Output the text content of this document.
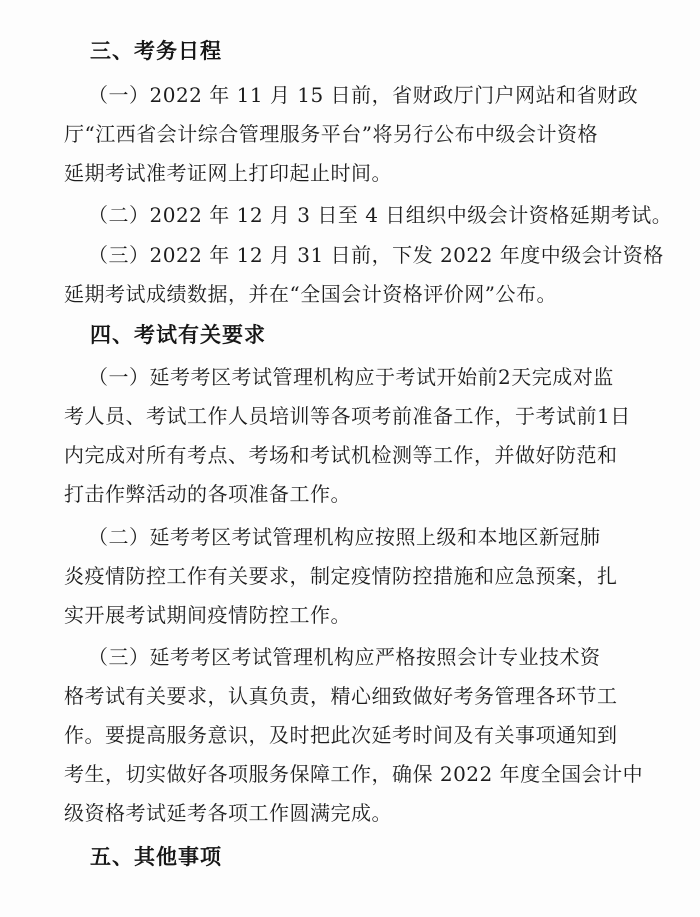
三、考务日程
（一）2022 年 11 月 15 日前，省财政厅门户网站和省财政
厅“江西省会计综合管理服务平台”将另行公布中级会计资格
延期考试准考证网上打印起止时间。
（二）2022 年 12 月 3 日至 4 日组织中级会计资格延期考试。
（三）2022 年 12 月 31 日前，下发 2022 年度中级会计资格
延期考试成绩数据，并在“全国会计资格评价网”公布。
四、考试有关要求
（一）延考考区考试管理机构应于考试开始前2天完成对监
考人员、考试工作人员培训等各项考前准备工作，于考试前1日
内完成对所有考点、考场和考试机检测等工作，并做好防范和
打击作弊活动的各项准备工作。
（二）延考考区考试管理机构应按照上级和本地区新冠肺
炎疫情防控工作有关要求，制定疫情防控措施和应急预案，扎
实开展考试期间疫情防控工作。
（三）延考考区考试管理机构应严格按照会计专业技术资
格考试有关要求，认真负责，精心细致做好考务管理各环节工
作。要提高服务意识，及时把此次延考时间及有关事项通知到
考生，切实做好各项服务保障工作，确保 2022 年度全国会计中
级资格考试延考各项工作圆满完成。
五、其他事项
